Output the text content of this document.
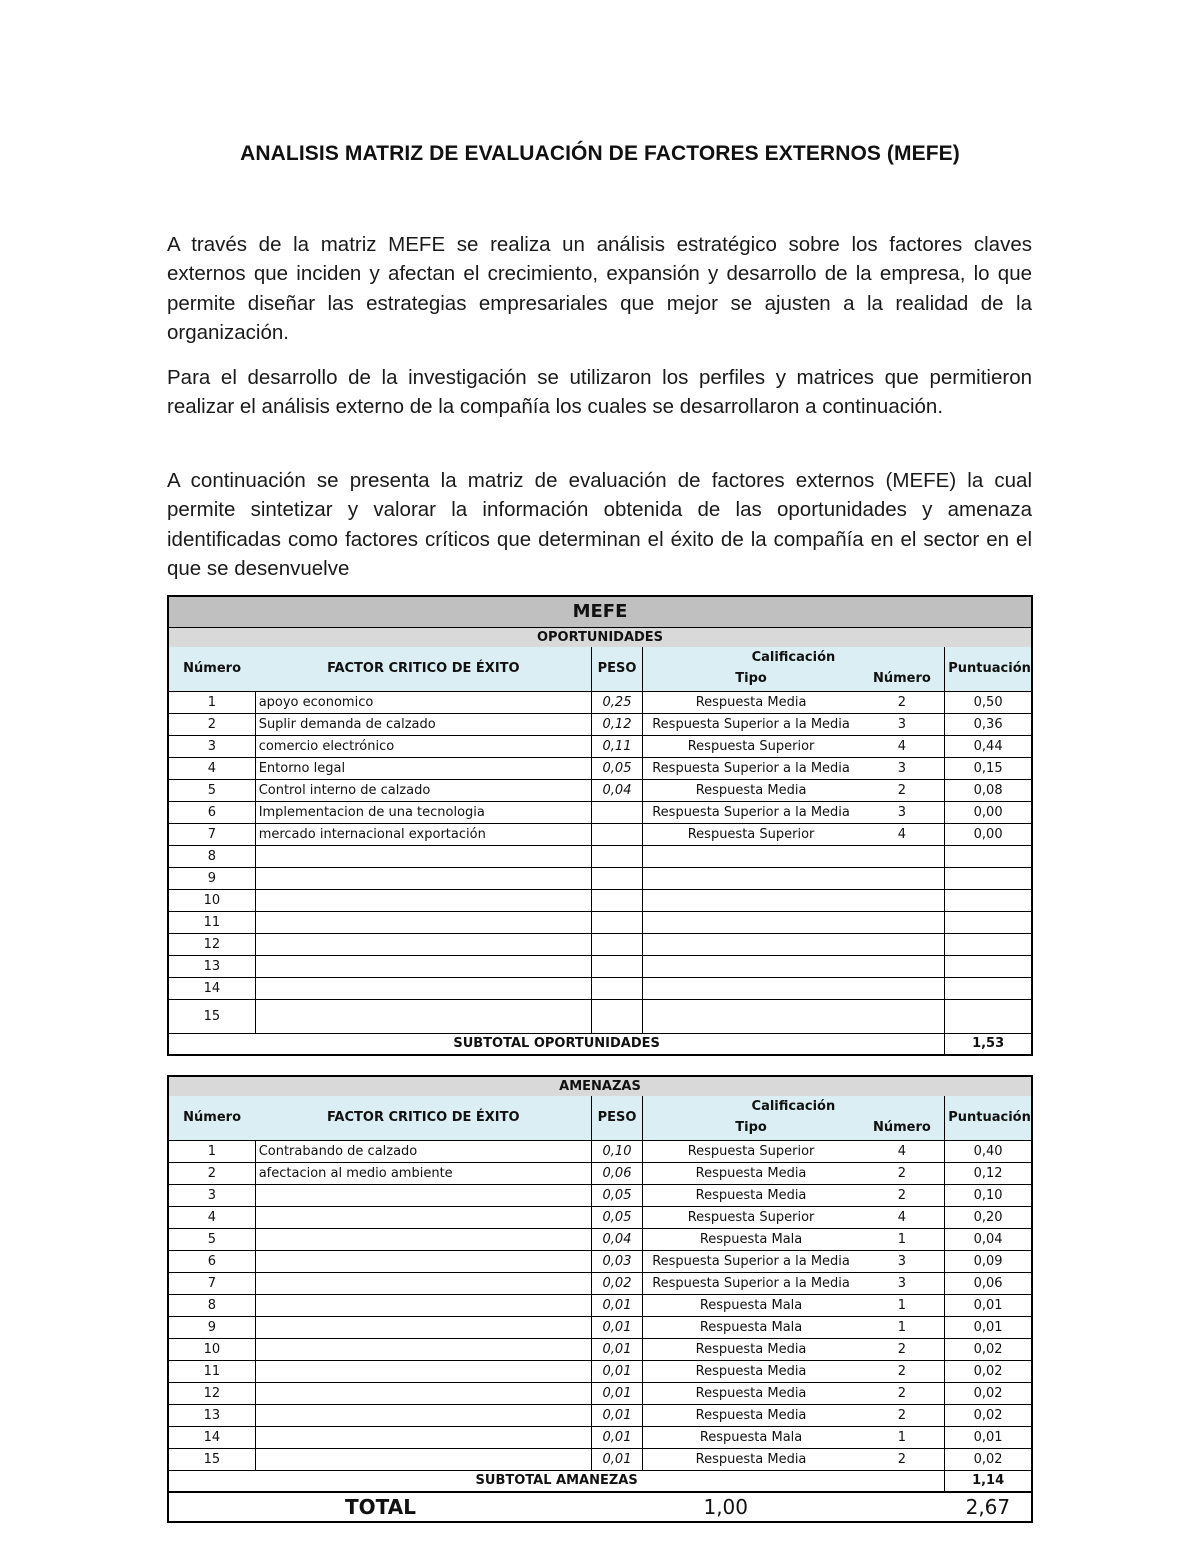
ANALISIS MATRIZ DE EVALUACIÓN DE FACTORES EXTERNOS (MEFE)
A través de la matriz MEFE se realiza un análisis estratégico sobre los factores claves externos que inciden y afectan el crecimiento, expansión y desarrollo de la empresa, lo que permite diseñar las estrategias empresariales que mejor se ajusten a la realidad de la organización.
Para el desarrollo de la investigación se utilizaron los perfiles y matrices que permitieron realizar el análisis externo de la compañía los cuales se desarrollaron a continuación.
A continuación se presenta la matriz de evaluación de factores externos (MEFE) la cual permite sintetizar y valorar la información obtenida de las oportunidades y amenaza identificadas como factores críticos que determinan el éxito de la compañía en el sector en el que se desenvuelve
MEFE					
OPORTUNIDADES					
Número	FACTOR CRITICO DE ÉXITO	PESO	Calificación		Puntuación
			Tipo	Número	
1	apoyo economico	0,25	Respuesta Media	2	0,50
2	Suplir demanda de calzado	0,12	Respuesta Superior a la Media	3	0,36
3	comercio electrónico	0,11	Respuesta Superior	4	0,44
4	Entorno legal	0,05	Respuesta Superior a la Media	3	0,15
5	Control interno de calzado	0,04	Respuesta Media	2	0,08
6	Implementacion de una tecnologia		Respuesta Superior a la Media	3	0,00
7	mercado internacional exportación		Respuesta Superior	4	0,00
8					
9					
10					
11					
12					
13					
14					
15					
SUBTOTAL OPORTUNIDADES					1,53
AMENAZAS					
Número	FACTOR CRITICO DE ÉXITO	PESO	Calificación		Puntuación
			Tipo	Número	
1	Contrabando de calzado	0,10	Respuesta Superior	4	0,40
2	afectacion al medio ambiente	0,06	Respuesta Media	2	0,12
3		0,05	Respuesta Media	2	0,10
4		0,05	Respuesta Superior	4	0,20
5		0,04	Respuesta Mala	1	0,04
6		0,03	Respuesta Superior a la Media	3	0,09
7		0,02	Respuesta Superior a la Media	3	0,06
8		0,01	Respuesta Mala	1	0,01
9		0,01	Respuesta Mala	1	0,01
10		0,01	Respuesta Media	2	0,02
11		0,01	Respuesta Media	2	0,02
12		0,01	Respuesta Media	2	0,02
13		0,01	Respuesta Media	2	0,02
14		0,01	Respuesta Mala	1	0,01
15		0,01	Respuesta Media	2	0,02
SUBTOTAL AMANEZAS					1,14
TOTAL		1,00			2,67
